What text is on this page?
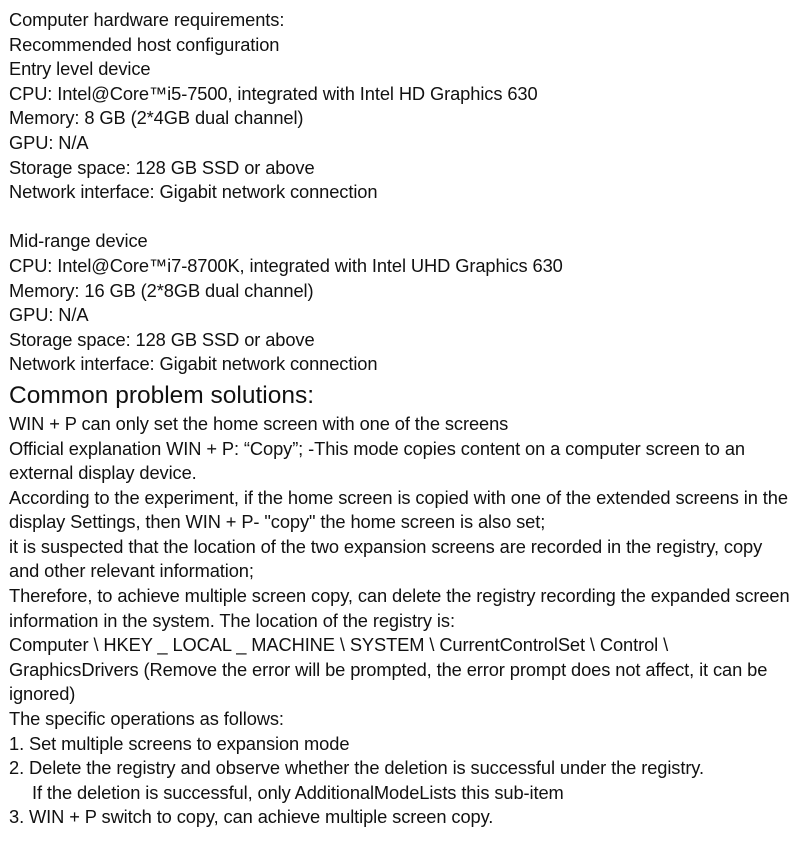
Computer hardware requirements:
Recommended host configuration
Entry level device
CPU: Intel@Core™i5-7500, integrated with Intel HD Graphics 630
Memory: 8 GB (2*4GB dual channel)
GPU: N/A
Storage space: 128 GB SSD or above
Network interface: Gigabit network connection
Mid-range device
CPU: Intel@Core™i7-8700K, integrated with Intel UHD Graphics 630
Memory: 16 GB (2*8GB dual channel)
GPU: N/A
Storage space: 128 GB SSD or above
Network interface: Gigabit network connection
Common problem solutions:
WIN + P can only set the home screen with one of the screens
Official explanation WIN + P: “Copy”; -This mode copies content on a computer screen to an external display device.
According to the experiment, if the home screen is copied with one of the extended screens in the display Settings, then WIN + P- "copy" the home screen is also set;
it is suspected that the location of the two expansion screens are recorded in the registry, copy and other relevant information;
Therefore, to achieve multiple screen copy, can delete the registry recording the expanded screen information in the system. The location of the registry is:
Computer \ HKEY _ LOCAL _ MACHINE \ SYSTEM \ CurrentControlSet \ Control \ GraphicsDrivers (Remove the error will be prompted, the error prompt does not affect, it can be ignored)
The specific operations as follows:
1. Set multiple screens to expansion mode
2. Delete the registry and observe whether the deletion is successful under the registry.
If the deletion is successful, only AdditionalModeLists this sub-item
3. WIN + P switch to copy, can achieve multiple screen copy.
